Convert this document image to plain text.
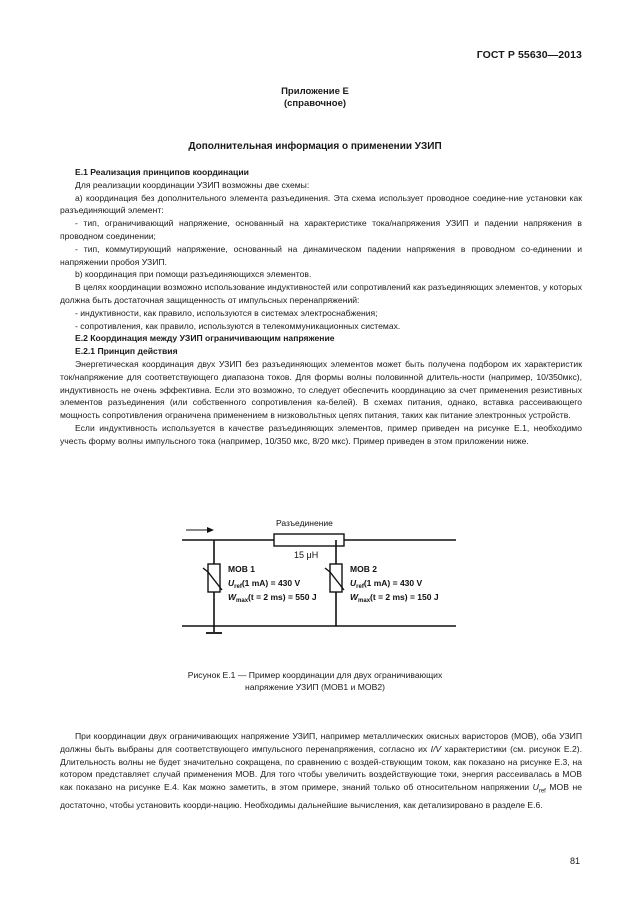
ГОСТ Р 55630—2013
Приложение Е
(справочное)
Дополнительная информация о применении УЗИП
Е.1 Реализация принципов координации

Для реализации координации УЗИП возможны две схемы:

а) координация без дополнительного элемента разъединения. Эта схема использует проводное соедине-ние установки как разъединяющий элемент:

- тип, ограничивающий напряжение, основанный на характеристике тока/напряжения УЗИП и падении напряжения в проводном соединении;

- тип, коммутирующий напряжение, основанный на динамическом падении напряжения в проводном со-единении и напряжении пробоя УЗИП.

b) координация при помощи разъединяющихся элементов.

В целях координации возможно использование индуктивностей или сопротивлений как разъединяющих элементов, у которых должна быть достаточная защищенность от импульсных перенапряжений:

- индуктивности, как правило, используются в системах электроснабжения;

- сопротивления, как правило, используются в телекоммуникационных системах.

Е.2 Координация между УЗИП ограничивающим напряжение
Е.2.1 Принцип действия

Энергетическая координация двух УЗИП без разъединяющих элементов может быть получена подбором их характеристик ток/напряжение для соответствующего диапазона токов. Для формы волны половинной длитель-ности (например, 10/350мкс), индуктивность не очень эффективна. Если это возможно, то следует обеспечить координацию за счет применения резистивных элементов разъединения (или собственного сопротивления ка-белей). В схемах питания, однако, вставка рассеивающего мощность сопротивления ограничена применением в низковольтных цепях питания, таких как питание электронных устройств.

Если индуктивность используется в качестве разъединяющих элементов, пример приведен на рисунке Е.1, необходимо учесть форму волны импульсного тока (например, 10/350 мкс, 8/20 мкс). Пример приведен в этом приложении ниже.

Разъединение
15 μH
MOB 1
$U_{ref}(1$ mA) = 430 V
$W_{max}(t = 2$ ms) = 550 J
MOB 2
$U_{ref}(1$ mA) = 430 V
$W_{max}(t = 2$ ms) = 150 J
Рисунок Е.1 — Пример координации для двух ограничивающих
напряжение УЗИП (МОВ1 и МОВ2)

При координации двух ограничивающих напряжение УЗИП, например металлических окисных варисторов (МОВ), оба УЗИП должны быть выбраны для соответствующего импульсного перенапряжения, согласно их I/V характеристики (см. рисунок Е.2). Длительность волны не будет значительно сокращена, по сравнению с воздей-ствующим током, как показано на рисунке Е.3, на котором представляет случай применения МОВ. Для того чтобы увеличить воздействующие токи, энергия рассеивалась в МОВ как показано на рисунке Е.4. Как можно заметить, в этом примере, знаний только об относительном напряжении $U_{ref}$ МОВ не достаточно, чтобы установить коорди-нацию. Необходимы дальнейшие вычисления, как детализировано в разделе Е.6.

81
